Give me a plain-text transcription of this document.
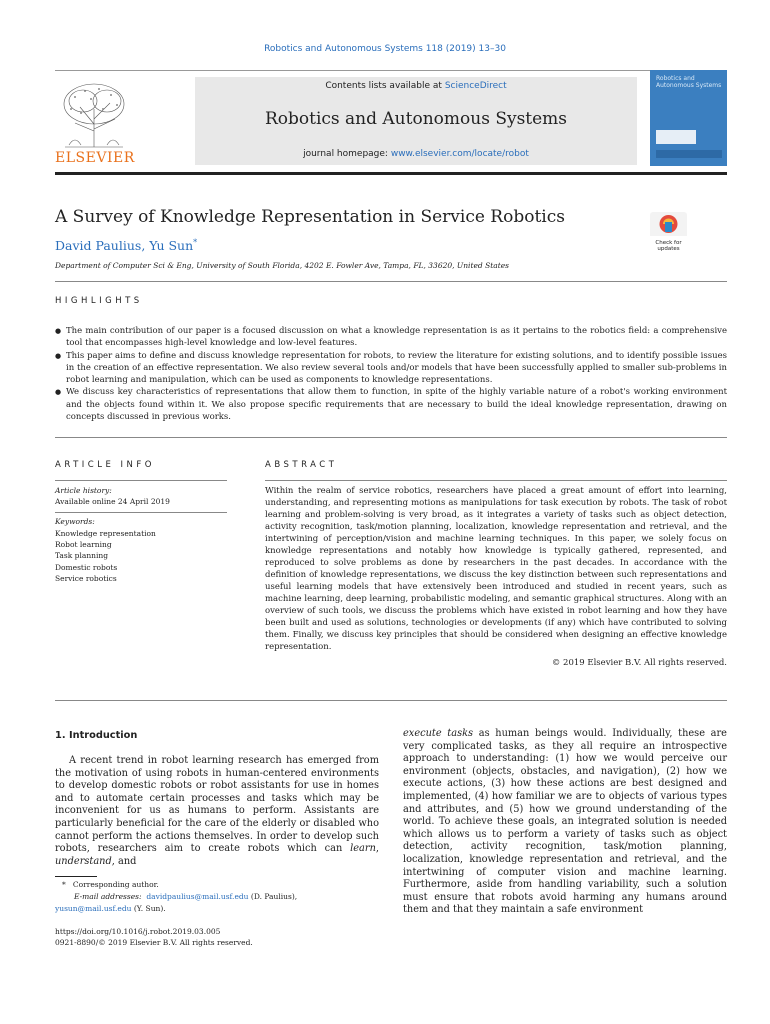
Robotics and Autonomous Systems 118 (2019) 13–30
ELSEVIER
Contents lists available at ScienceDirect
Robotics and Autonomous Systems
journal homepage: www.elsevier.com/locate/robot
Robotics and Autonomous Systems
A Survey of Knowledge Representation in Service Robotics
David Paulius, Yu Sun*
Department of Computer Sci & Eng, University of South Florida, 4202 E. Fowler Ave, Tampa, FL, 33620, United States
Check for updates
HIGHLIGHTS
● The main contribution of our paper is a focused discussion on what a knowledge representation is as it pertains to the robotics field: a comprehensive tool that encompasses high-level knowledge and low-level features.
● This paper aims to define and discuss knowledge representation for robots, to review the literature for existing solutions, and to identify possible issues in the creation of an effective representation. We also review several tools and/or models that have been successfully applied to smaller sub-problems in robot learning and manipulation, which can be used as components to knowledge representations.
● We discuss key characteristics of representations that allow them to function, in spite of the highly variable nature of a robot's working environment and the objects found within it. We also propose specific requirements that are necessary to build the ideal knowledge representation, drawing on concepts discussed in previous works.
ARTICLE INFO
Article history:
Available online 24 April 2019
Keywords:
Knowledge representation
Robot learning
Task planning
Domestic robots
Service robotics
ABSTRACT
Within the realm of service robotics, researchers have placed a great amount of effort into learning, understanding, and representing motions as manipulations for task execution by robots. The task of robot learning and problem-solving is very broad, as it integrates a variety of tasks such as object detection, activity recognition, task/motion planning, localization, knowledge representation and retrieval, and the intertwining of perception/vision and machine learning techniques. In this paper, we solely focus on knowledge representations and notably how knowledge is typically gathered, represented, and reproduced to solve problems as done by researchers in the past decades. In accordance with the definition of knowledge representations, we discuss the key distinction between such representations and useful learning models that have extensively been introduced and studied in recent years, such as machine learning, deep learning, probabilistic modeling, and semantic graphical structures. Along with an overview of such tools, we discuss the problems which have existed in robot learning and how they have been built and used as solutions, technologies or developments (if any) which have contributed to solving them. Finally, we discuss key principles that should be considered when designing an effective knowledge representation.
© 2019 Elsevier B.V. All rights reserved.
1. Introduction
A recent trend in robot learning research has emerged from the motivation of using robots in human-centered environments to develop domestic robots or robot assistants for use in homes and to automate certain processes and tasks which may be inconvenient for us as humans to perform. Assistants are particularly beneficial for the care of the elderly or disabled who cannot perform the actions themselves. In order to develop such robots, researchers aim to create robots which can learn, understand, and
execute tasks as human beings would. Individually, these are very complicated tasks, as they all require an introspective approach to understanding: (1) how we would perceive our environment (objects, obstacles, and navigation), (2) how we execute actions, (3) how these actions are best designed and implemented, (4) how familiar we are to objects of various types and attributes, and (5) how we ground understanding of the world. To achieve these goals, an integrated solution is needed which allows us to perform a variety of tasks such as object detection, activity recognition, task/motion planning, localization, knowledge representation and retrieval, and the intertwining of computer vision and machine learning. Furthermore, aside from handling variability, such a solution must ensure that robots avoid harming any humans around them and that they maintain a safe environment
* Corresponding author.
E-mail addresses: davidpaulius@mail.usf.edu (D. Paulius),
yusun@mail.usf.edu (Y. Sun).
https://doi.org/10.1016/j.robot.2019.03.005
0921-8890/© 2019 Elsevier B.V. All rights reserved.
